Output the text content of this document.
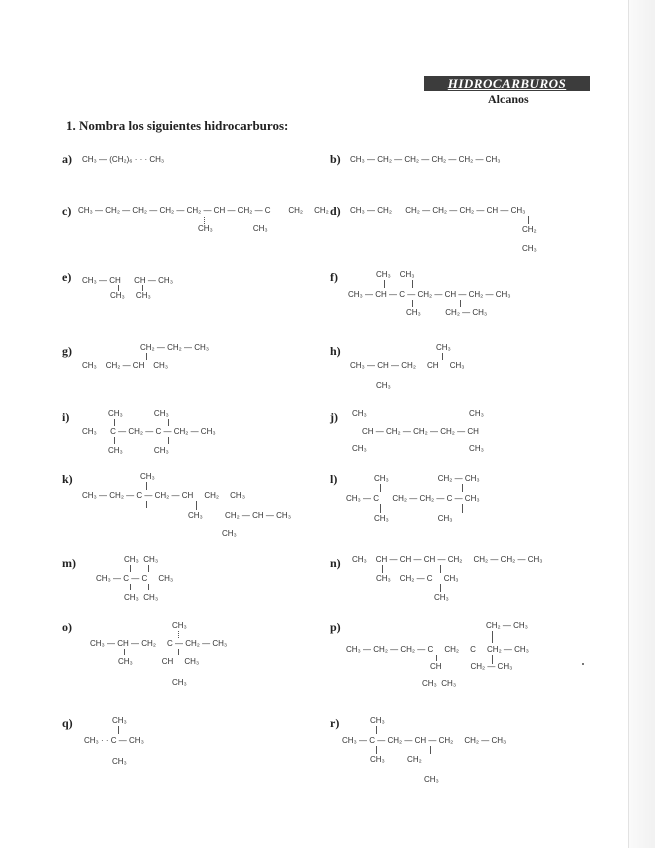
HIDROCARBUROS
Alcanos
1. Nombra los siguientes hidrocarburos:
a) CH₃ — (CH₂)₆ · · · CH₃	b) CH₃ — CH₂ — CH₂ — CH₂ — CH₂ — CH₃
c) CH₃ — CH₂ — CH₂ — CH₂ — CH₂ — CH — CH₂ — C        CH₂     CH₂
CH₃                  CH₃
d) CH₃ — CH₂      CH₂ — CH₂ — CH₂ — CH — CH₃
CH₂
CH₃
e) CH₃ — CH      CH — CH₃
CH₃     CH₃
f)	CH₃    CH₃
CH₃ — CH — C — CH₂ — CH — CH₂ — CH₃
CH₃           CH₂ — CH₃
g)	CH₂ — CH₂ — CH₃
CH₃    CH₂ — CH    CH₃
h)	CH₃
CH₃ — CH — CH₂     CH     CH₃
CH₃
i)	CH₃              CH₃
CH₃      C — CH₂ — C — CH₂ — CH₃
CH₃              CH₃
j) CH₃                                              CH₃
CH — CH₂ — CH₂ — CH₂ — CH
CH₃                                              CH₃
k)	CH₃
CH₃ — CH₂ — C — CH₂ — CH     CH₂     CH₃
CH₃          CH₂ — CH — CH₃
CH₃
l)	CH₃                      CH₂ — CH₃
CH₃ — C      CH₂ — CH₂ — C — CH₃
CH₃                      CH₃
m)	CH₃  CH₃
CH₃ — C — C     CH₃
CH₃  CH₃
n) CH₃    CH — CH — CH — CH₂     CH₂ — CH₂ — CH₃
CH₃    CH₂ — C     CH₃
CH₃
o)	CH₃
CH₃ — CH — CH₂     C — CH₂ — CH₃
CH₃             CH     CH₃
CH₃
p)	CH₂ — CH₃
CH₃ — CH₂ — CH₂ — C     CH₂     C     CH₂ — CH₃
CH             CH₂ — CH₃
CH₃  CH₃
q)	CH₃
CH₃ · · C — CH₃
CH₃
r)	CH₃
CH₃ — C — CH₂ — CH — CH₂     CH₂ — CH₃
CH₃          CH₂
CH₃
